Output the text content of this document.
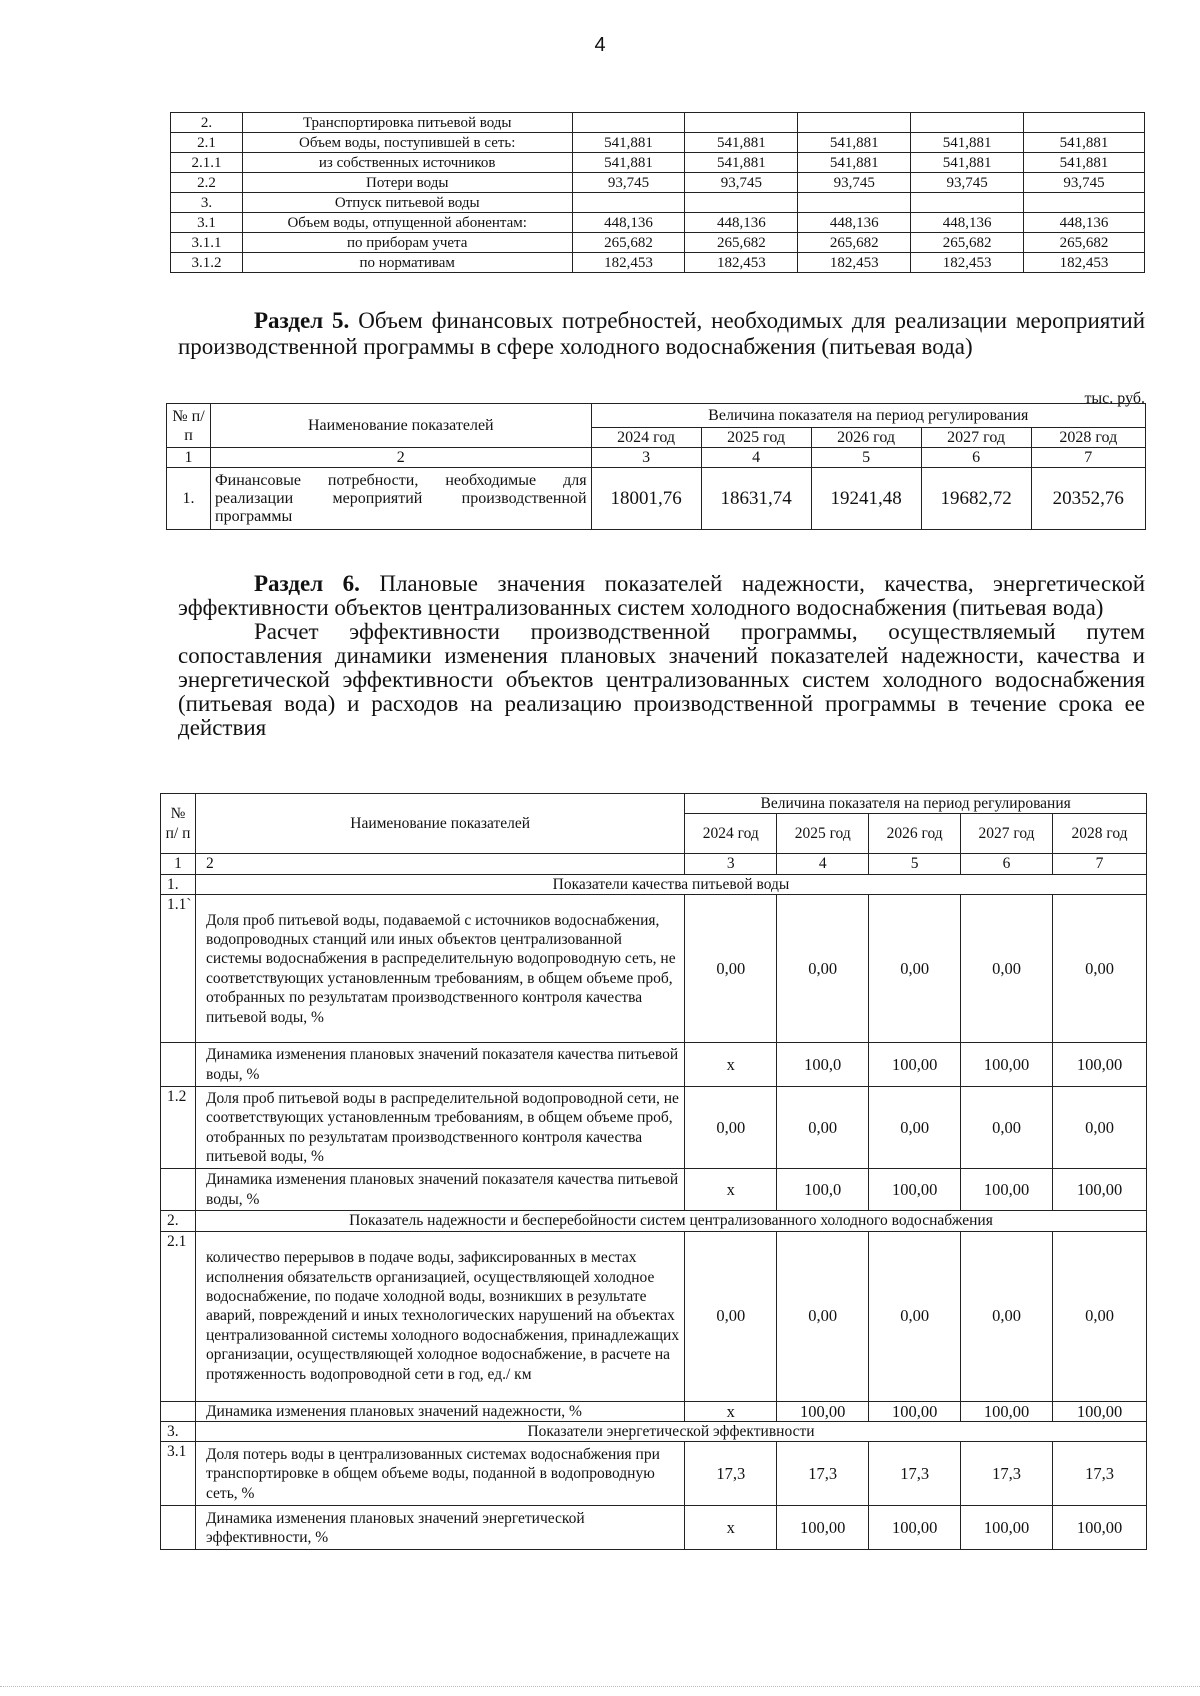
4
2.	Транспортировка питьевой воды					
2.1	Объем воды, поступившей в сеть:	541,881	541,881	541,881	541,881	541,881
2.1.1	из собственных источников	541,881	541,881	541,881	541,881	541,881
2.2	Потери воды	93,745	93,745	93,745	93,745	93,745
3.	Отпуск питьевой воды					
3.1	Объем воды, отпущенной абонентам:	448,136	448,136	448,136	448,136	448,136
3.1.1	по приборам учета	265,682	265,682	265,682	265,682	265,682
3.1.2	по нормативам	182,453	182,453	182,453	182,453	182,453
Раздел 5. Объем финансовых потребностей, необходимых для реализации мероприятий производственной программы в сфере холодного водоснабжения (питьевая вода)
тыс. руб.
№ п/п	Наименование показателей	Величина показателя на период регулирования				
		2024 год	2025 год	2026 год	2027 год	2028 год
1	2	3	4	5	6	7
1.	Финансовые потребности, необходимые для реализации мероприятий производственной программы	18001,76	18631,74	19241,48	19682,72	20352,76

Раздел 6. Плановые значения показателей надежности, качества, энергетической эффективности объектов централизованных систем холодного водоснабжения (питьевая вода)

Расчет эффективности производственной программы, осуществляемый путем сопоставления динамики изменения плановых значений показателей надежности, качества и энергетической эффективности объектов централизованных систем холодного водоснабжения (питьевая вода) и расходов на реализацию производственной программы в течение срока ее действия

№ п/ п	Наименование показателей	Величина показателя на период регулирования				
		2024 год	2025 год	2026 год	2027 год	2028 год
1	2	3	4	5	6	7
1.	Показатели качества питьевой воды					
1.1`	Доля проб питьевой воды, подаваемой с источников водоснабжения, водопроводных станций или иных объектов централизованной системы водоснабжения в распределительную водопроводную сеть, не соответствующих установленным требованиям, в общем объеме проб, отобранных по результатам производственного контроля качества питьевой воды, %	0,00	0,00	0,00	0,00	0,00
	Динамика изменения плановых значений показателя качества питьевой воды, %	х	100,0	100,00	100,00	100,00
1.2	Доля проб питьевой воды в распределительной водопроводной сети, не соответствующих установленным требованиям, в общем объеме проб, отобранных по результатам производственного контроля качества питьевой воды, %	0,00	0,00	0,00	0,00	0,00
	Динамика изменения плановых значений показателя качества питьевой воды, %	х	100,0	100,00	100,00	100,00
2.	Показатель надежности и бесперебойности систем централизованного холодного водоснабжения					
2.1	количество перерывов в подаче воды, зафиксированных в местах исполнения обязательств организацией, осуществляющей холодное водоснабжение, по подаче холодной воды, возникших в результате аварий, повреждений и иных технологических нарушений на объектах централизованной системы холодного водоснабжения, принадлежащих организации, осуществляющей холодное водоснабжение, в расчете на протяженность водопроводной сети в год, ед./ км	0,00	0,00	0,00	0,00	0,00
	Динамика изменения плановых значений надежности, %	х	100,00	100,00	100,00	100,00
3.	Показатели энергетической эффективности					
3.1	Доля потерь воды в централизованных системах водоснабжения при транспортировке в общем объеме воды, поданной в водопроводную сеть, %	17,3	17,3	17,3	17,3	17,3
	Динамика изменения плановых значений энергетической эффективности, %	х	100,00	100,00	100,00	100,00
